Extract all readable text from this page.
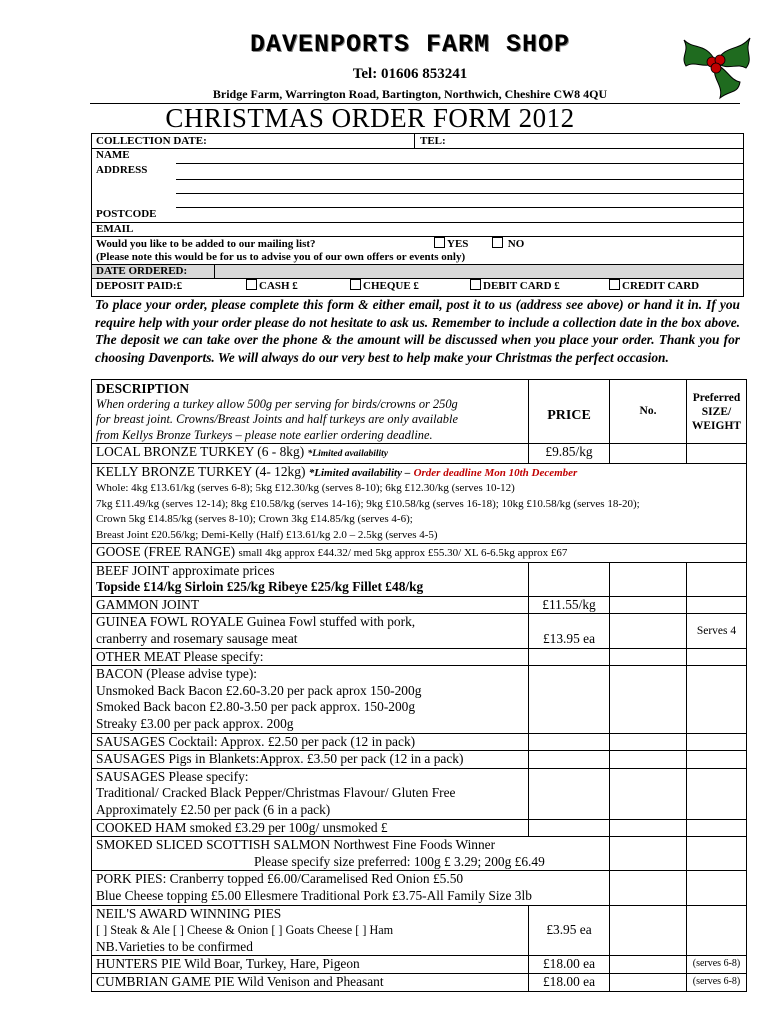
DAVENPORTS FARM SHOP
Tel: 01606 853241
Bridge Farm, Warrington Road, Bartington, Northwich, Cheshire CW8 4QU
CHRISTMAS ORDER FORM 2012
COLLECTION DATE:	TEL:
NAME
ADDRESS
POSTCODE
EMAIL
Would you like to be added to our mailing list?	YES	NO
(Please note this would be for us to advise you of our own offers or events only)
DATE ORDERED:
DEPOSIT PAID:£	CASH £	CHEQUE £	DEBIT CARD £	CREDIT CARD
To place your order, please complete this form & either email, post it to us (address see above) or hand it in. If you require help with your order please do not hesitate to ask us. Remember to include a collection date in the box above. The deposit we can take over the phone & the amount will be discussed when you place your order. Thank you for choosing Davenports. We will always do our very best to help make your Christmas the perfect occasion.
DESCRIPTION
When ordering a turkey allow 500g per serving for birds/crowns or 250g
for breast joint. Crowns/Breast Joints and half turkeys are only available
from Kellys Bronze Turkeys – please note earlier ordering deadline.	PRICE	No.	Preferred SIZE/ WEIGHT
LOCAL BRONZE TURKEY (6 - 8kg) *Limited availability	£9.85/kg		

KELLY BRONZE TURKEY (4- 12kg) *Limited availability – Order deadline Mon 10th December
Whole: 4kg £13.61/kg (serves 6-8); 5kg £12.30/kg (serves 8-10); 6kg £12.30/kg (serves 10-12)
7kg £11.49/kg (serves 12-14); 8kg £10.58/kg (serves 14-16); 9kg £10.58/kg (serves 16-18); 10kg £10.58/kg (serves 18-20);
Crown 5kg £14.85/kg (serves 8-10); Crown 3kg £14.85/kg (serves 4-6);
Breast Joint £20.56/kg; Demi-Kelly (Half) £13.61/kg 2.0 – 2.5kg (serves 4-5)			

GOOSE (FREE RANGE) small 4kg approx £44.32/ med 5kg approx £55.30/ XL 6-6.5kg approx £67			

BEEF JOINT approximate prices
Topside £14/kg Sirloin £25/kg Ribeye £25/kg Fillet £48/kg			

GAMMON JOINT	£11.55/kg		

GUINEA FOWL ROYALE Guinea Fowl stuffed with pork,
cranberry and rosemary sausage meat	£13.95 ea		Serves 4
OTHER MEAT Please specify:			

BACON (Please advise type):
Unsmoked Back Bacon £2.60-3.20 per pack aprox 150-200g
Smoked Back bacon £2.80-3.50 per pack approx. 150-200g
Streaky £3.00 per pack approx. 200g			

SAUSAGES Cocktail: Approx. £2.50 per pack (12 in pack)			
SAUSAGES Pigs in Blankets:Approx. £3.50 per pack (12 in a pack)			

SAUSAGES Please specify:
Traditional/ Cracked Black Pepper/Christmas Flavour/ Gluten Free
Approximately £2.50 per pack (6 in a pack)			

COOKED HAM smoked £3.29 per 100g/ unsmoked £			

SMOKED SLICED SCOTTISH SALMON Northwest Fine Foods Winner
Please specify size preferred: 100g £ 3.29; 200g £6.49			

PORK PIES: Cranberry topped £6.00/Caramelised Red Onion £5.50
Blue Cheese topping £5.00 Ellesmere Traditional Pork £3.75-All Family Size 3lb			

NEIL'S AWARD WINNING PIES
[ ] Steak & Ale [ ] Cheese & Onion [ ] Goats Cheese [ ] Ham
NB.Varieties to be confirmed	£3.95 ea		
HUNTERS PIE Wild Boar, Turkey, Hare, Pigeon	£18.00 ea		(serves 6-8)
CUMBRIAN GAME PIE Wild Venison and Pheasant	£18.00 ea		(serves 6-8)
